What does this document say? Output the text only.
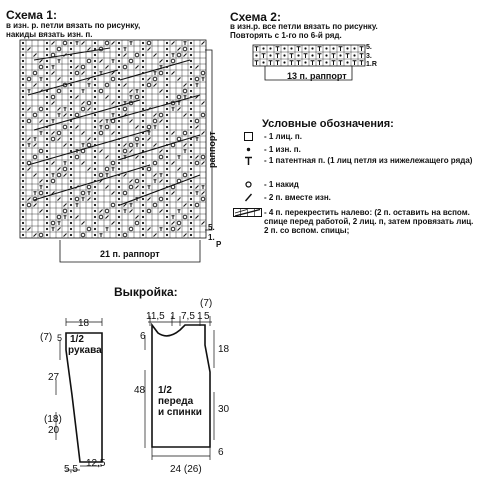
Схема 1:
в изн. р. петли вязать по рисунку,
накиды вязать изн. п.
раппорт
5.
1.
Р
21 п. раппорт
Схема 2:
в изн.р. все петли вязать по рисунку.
Повторять с 1-го по 6-й ряд.
5.
3.
1.R
13 п. раппорт
Условные обозначения:
- 1 лиц. п.
- 1 изн. п.
- 1 патентная п. (1 лиц петля из нижележащего ряда)
- 1 накид
- 2 п. вместе изн.
- 4 п. перекрестить налево: (2 п. оставить на вспом. спице перед работой, 2 лиц. п, затем провязать лиц. 2 п. со вспом. спицы;
Выкройка:
18
(7) 5 1/2
рукава
27
(18)
20
5,5
12,5
(7)
11,5 1 7,5 1 5
6
18
48 1/2
переда
и спинки 30
6
24 (26)
